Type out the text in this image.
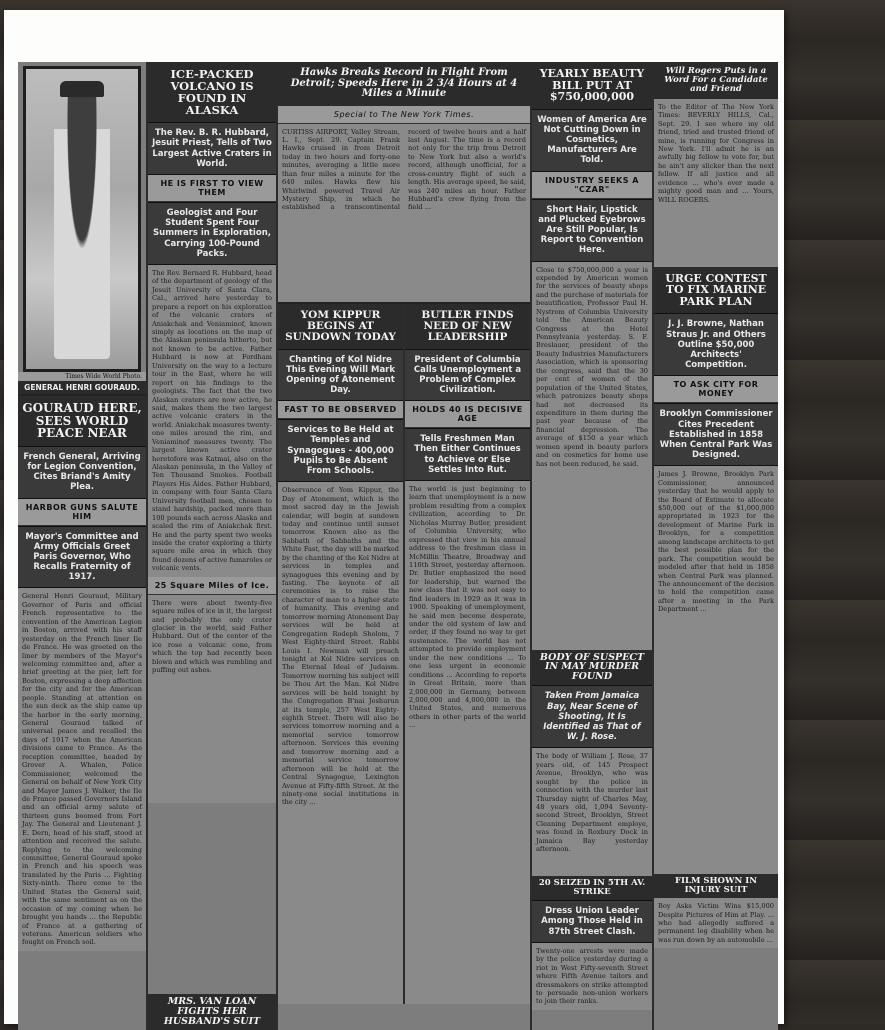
Times Wide World Photo.
GENERAL HENRI GOURAUD.
GOURAUD HERE, SEES WORLD PEACE NEAR
French General, Arriving for Legion Convention, Cites Briand's Amity Plea.
HARBOR GUNS SALUTE HIM
Mayor's Committee and Army Officials Greet Paris Governor, Who Recalls Fraternity of 1917.
General Henri Gouraud, Military Governor of Paris and official French representative to the convention of the American Legion in Boston, arrived with his staff yesterday on the French liner Ile de France. He was greeted on the liner by members of the Mayor's welcoming committee and, after a brief greeting at the pier, left for Boston, expressing a deep affection for the city and for the American people. Standing at attention on the sun deck as the ship came up the harbor in the early morning, General Gouraud talked of universal peace and recalled the days of 1917 when the American divisions came to France. As the reception committee, headed by Grover A. Whalen, Police Commissioner, welcomed the General on behalf of New York City and Mayor James J. Walker, the Ile de France passed Governors Island and an official army salute of thirteen guns boomed from Fort Jay. The General and Lieutenant J. E. Dern, head of his staff, stood at attention and received the salute. Replying to the welcoming committee, General Gouraud spoke in French and his speech was translated by the Paris ... Fighting Sixty-ninth. There come to the United States the General said, with the same sentiment as on the occasion of my coming when he brought you hands ... the Republic of France at a gathering of veterans. American soldiers who fought on French soil.
ICE-PACKED VOLCANO IS FOUND IN ALASKA
The Rev. B. R. Hubbard, Jesuit Priest, Tells of Two Largest Active Craters in World.
HE IS FIRST TO VIEW THEM
Geologist and Four Student Spent Four Summers in Exploration, Carrying 100-Pound Packs.
The Rev. Bernard R. Hubbard, head of the department of geology of the Jesuit University of Santa Clara, Cal., arrived here yesterday to prepare a report on his exploration of the volcanic craters of Aniakchak and Veniaminof, known simply as locations on the map of the Alaskan peninsula hitherto, but not known to be active. Father Hubbard is now at Fordham University on the way to a lecture tour in the East, where he will report on his findings to the geologists. The fact that the two Alaskan craters are now active, he said, makes them the two largest active volcanic craters in the world. Aniakchak measures twenty-one miles around the rim, and Veniaminof measures twenty. The largest known active crater heretofore was Katmai, also on the Alaskan peninsula, in the Valley of Ten Thousand Smokes. Football Players His Aides. Father Hubbard, in company with four Santa Clara University football men, chosen to stand hardship, packed more than 100 pounds each across Alaska and scaled the rim of Aniakchak first. He and the party spent two weeks inside the crater exploring a thirty square mile area in which they found dozens of active fumaroles or volcanic vents.
25 Square Miles of Ice.
There were about twenty-five square miles of ice in it, the largest and probably the only crater glacier in the world, said Father Hubbard. Out of the center of the ice rose a volcanic cone, from which the top had recently been blown and which was rumbling and puffing out ashes.
MRS. VAN LOAN FIGHTS HER HUSBAND'S SUIT
Hawks Breaks Record in Flight From Detroit; Speeds Here in 2 3/4 Hours at 4 Miles a Minute
Special to The New York Times.
CURTISS AIRPORT, Valley Stream, L. I., Sept. 29. Captain Frank Hawks cruised in from Detroit today in two hours and forty-one minutes, averaging a little more than four miles a minute for the 640 miles. Hawks flew his Whirlwind powered Travel Air Mystery Ship, in which he established a transcontinental record of twelve hours and a half last August. The time is a record not only for the trip from Detroit to New York but also a world's record, although unofficial, for a cross-country flight of such a length. His average speed, he said, was 240 miles an hour. Father Hubbard's crew flying from the field ...
YOM KIPPUR BEGINS AT SUNDOWN TODAY
Chanting of Kol Nidre This Evening Will Mark Opening of Atonement Day.
FAST TO BE OBSERVED
Services to Be Held at Temples and Synagogues - 400,000 Pupils to Be Absent From Schools.
Observance of Yom Kippur, the Day of Atonement, which is the most sacred day in the Jewish calendar, will begin at sundown today and continue until sunset tomorrow. Known also as the Sabbath of Sabbaths and the White Fast, the day will be marked by the chanting of the Kol Nidre at services in temples and synagogues this evening and by fasting. The keynote of all ceremonies is to raise the character of man to a higher state of humanity. This evening and tomorrow morning Atonement Day services will be held at Congregation Rodeph Sholom, 7 West Eighty-third Street. Rabbi Louis I. Newman will preach tonight at Kol Nidre services on The Eternal Ideal of Judaism. Tomorrow morning his subject will be Thou Art the Man. Kol Nidre services will be held tonight by the Congregation B'nai Jeshurun at its temple, 257 West Eighty-eighth Street. There will also be services tomorrow morning and a memorial service tomorrow afternoon. Services this evening and tomorrow morning and a memorial service tomorrow afternoon will be held at the Central Synagogue, Lexington Avenue at Fifty-fifth Street. At the ninety-one social institutions in the city ...
BUTLER FINDS NEED OF NEW LEADERSHIP
President of Columbia Calls Unemployment a Problem of Complex Civilization.
HOLDS 40 IS DECISIVE AGE
Tells Freshmen Man Then Either Continues to Achieve or Else Settles Into Rut.
The world is just beginning to learn that unemployment is a new problem resulting from a complex civilization, according to Dr. Nicholas Murray Butler, president of Columbia University, who expressed that view in his annual address to the freshman class in McMillin Theatre, Broadway and 116th Street, yesterday afternoon. Dr. Butler emphasized the need for leadership, but warned the new class that it was not easy to find leaders in 1929 as it was in 1900. Speaking of unemployment, he said men become desperate, under the old system of law and order, if they found no way to get sustenance. The world has not attempted to provide employment under the new conditions ... To one less urgent in economic conditions ... According to reports in Great Britain, more than 2,000,000 in Germany, between 2,000,000 and 4,000,000 in the United States, and numerous others in other parts of the world ...
YEARLY BEAUTY BILL PUT AT $750,000,000
Women of America Are Not Cutting Down in Cosmetics, Manufacturers Are Told.
INDUSTRY SEEKS A "CZAR"
Short Hair, Lipstick and Plucked Eyebrows Are Still Popular, Is Report to Convention Here.
Close to $750,000,000 a year is expended by American women for the services of beauty shops and the purchase of materials for beautification, Professor Paul H. Nystrom of Columbia University told the American Beauty Congress at the Hotel Pennsylvania yesterday. S. F. Breslauer, president of the Beauty Industries Manufacturers Association, which is sponsoring the congress, said that the 30 per cent of women of the population of the United States, which patronizes beauty shops had not decreased its expenditure in them during the past year because of the financial depression. The average of $150 a year which women spend in beauty parlors and on cosmetics for home use has not been reduced, he said.
BODY OF SUSPECT IN MAY MURDER FOUND
Taken From Jamaica Bay, Near Scene of Shooting, It Is Identified as That of W. J. Rose.
The body of William J. Rose, 37 years old, of 145 Prospect Avenue, Brooklyn, who was sought by the police in connection with the murder last Thursday night of Charles May, 48 years old, 1,094 Seventy-second Street, Brooklyn, Street Cleaning Department employe, was found in Roxbury Dock in Jamaica Bay yesterday afternoon.
20 SEIZED IN 5TH AV. STRIKE
Dress Union Leader Among Those Held in 87th Street Clash.
Twenty-one arrests were made by the police yesterday during a riot in West Fifty-seventh Street where Fifth Avenue tailors and dressmakers on strike attempted to persuade non-union workers to join their ranks.
Will Rogers Puts in a Word For a Candidate and Friend
To the Editor of The New York Times: BEVERLY HILLS, Cal., Sept. 29. I see where my old friend, tried and trusted friend of mine, is running for Congress in New York. I'll admit he is an awfully big fellow to vote for, but he ain't any slicker than the next fellow. If all justice and all evidence ... who's ever made a mighty good man and ... Yours, WILL ROGERS.
URGE CONTEST TO FIX MARINE PARK PLAN
J. J. Browne, Nathan Straus Jr. and Others Outline $50,000 Architects' Competition.
TO ASK CITY FOR MONEY
Brooklyn Commissioner Cites Precedent Established in 1858 When Central Park Was Designed.
James J. Browne, Brooklyn Park Commissioner, announced yesterday that he would apply to the Board of Estimate to allocate $50,000 out of the $1,000,000 appropriated in 1923 for the development of Marine Park in Brooklyn, for a competition among landscape architects to get the best possible plan for the park. The competition would be modeled after that held in 1858 when Central Park was planned. The announcement of the decision to hold the competition came after a meeting in the Park Department ...
FILM SHOWN IN INJURY SUIT
Boy Asks Victim Wins $15,000 Despite Pictures of Him at Play. ... who had allegedly suffered a permanent leg disability when he was run down by an automobile ...
